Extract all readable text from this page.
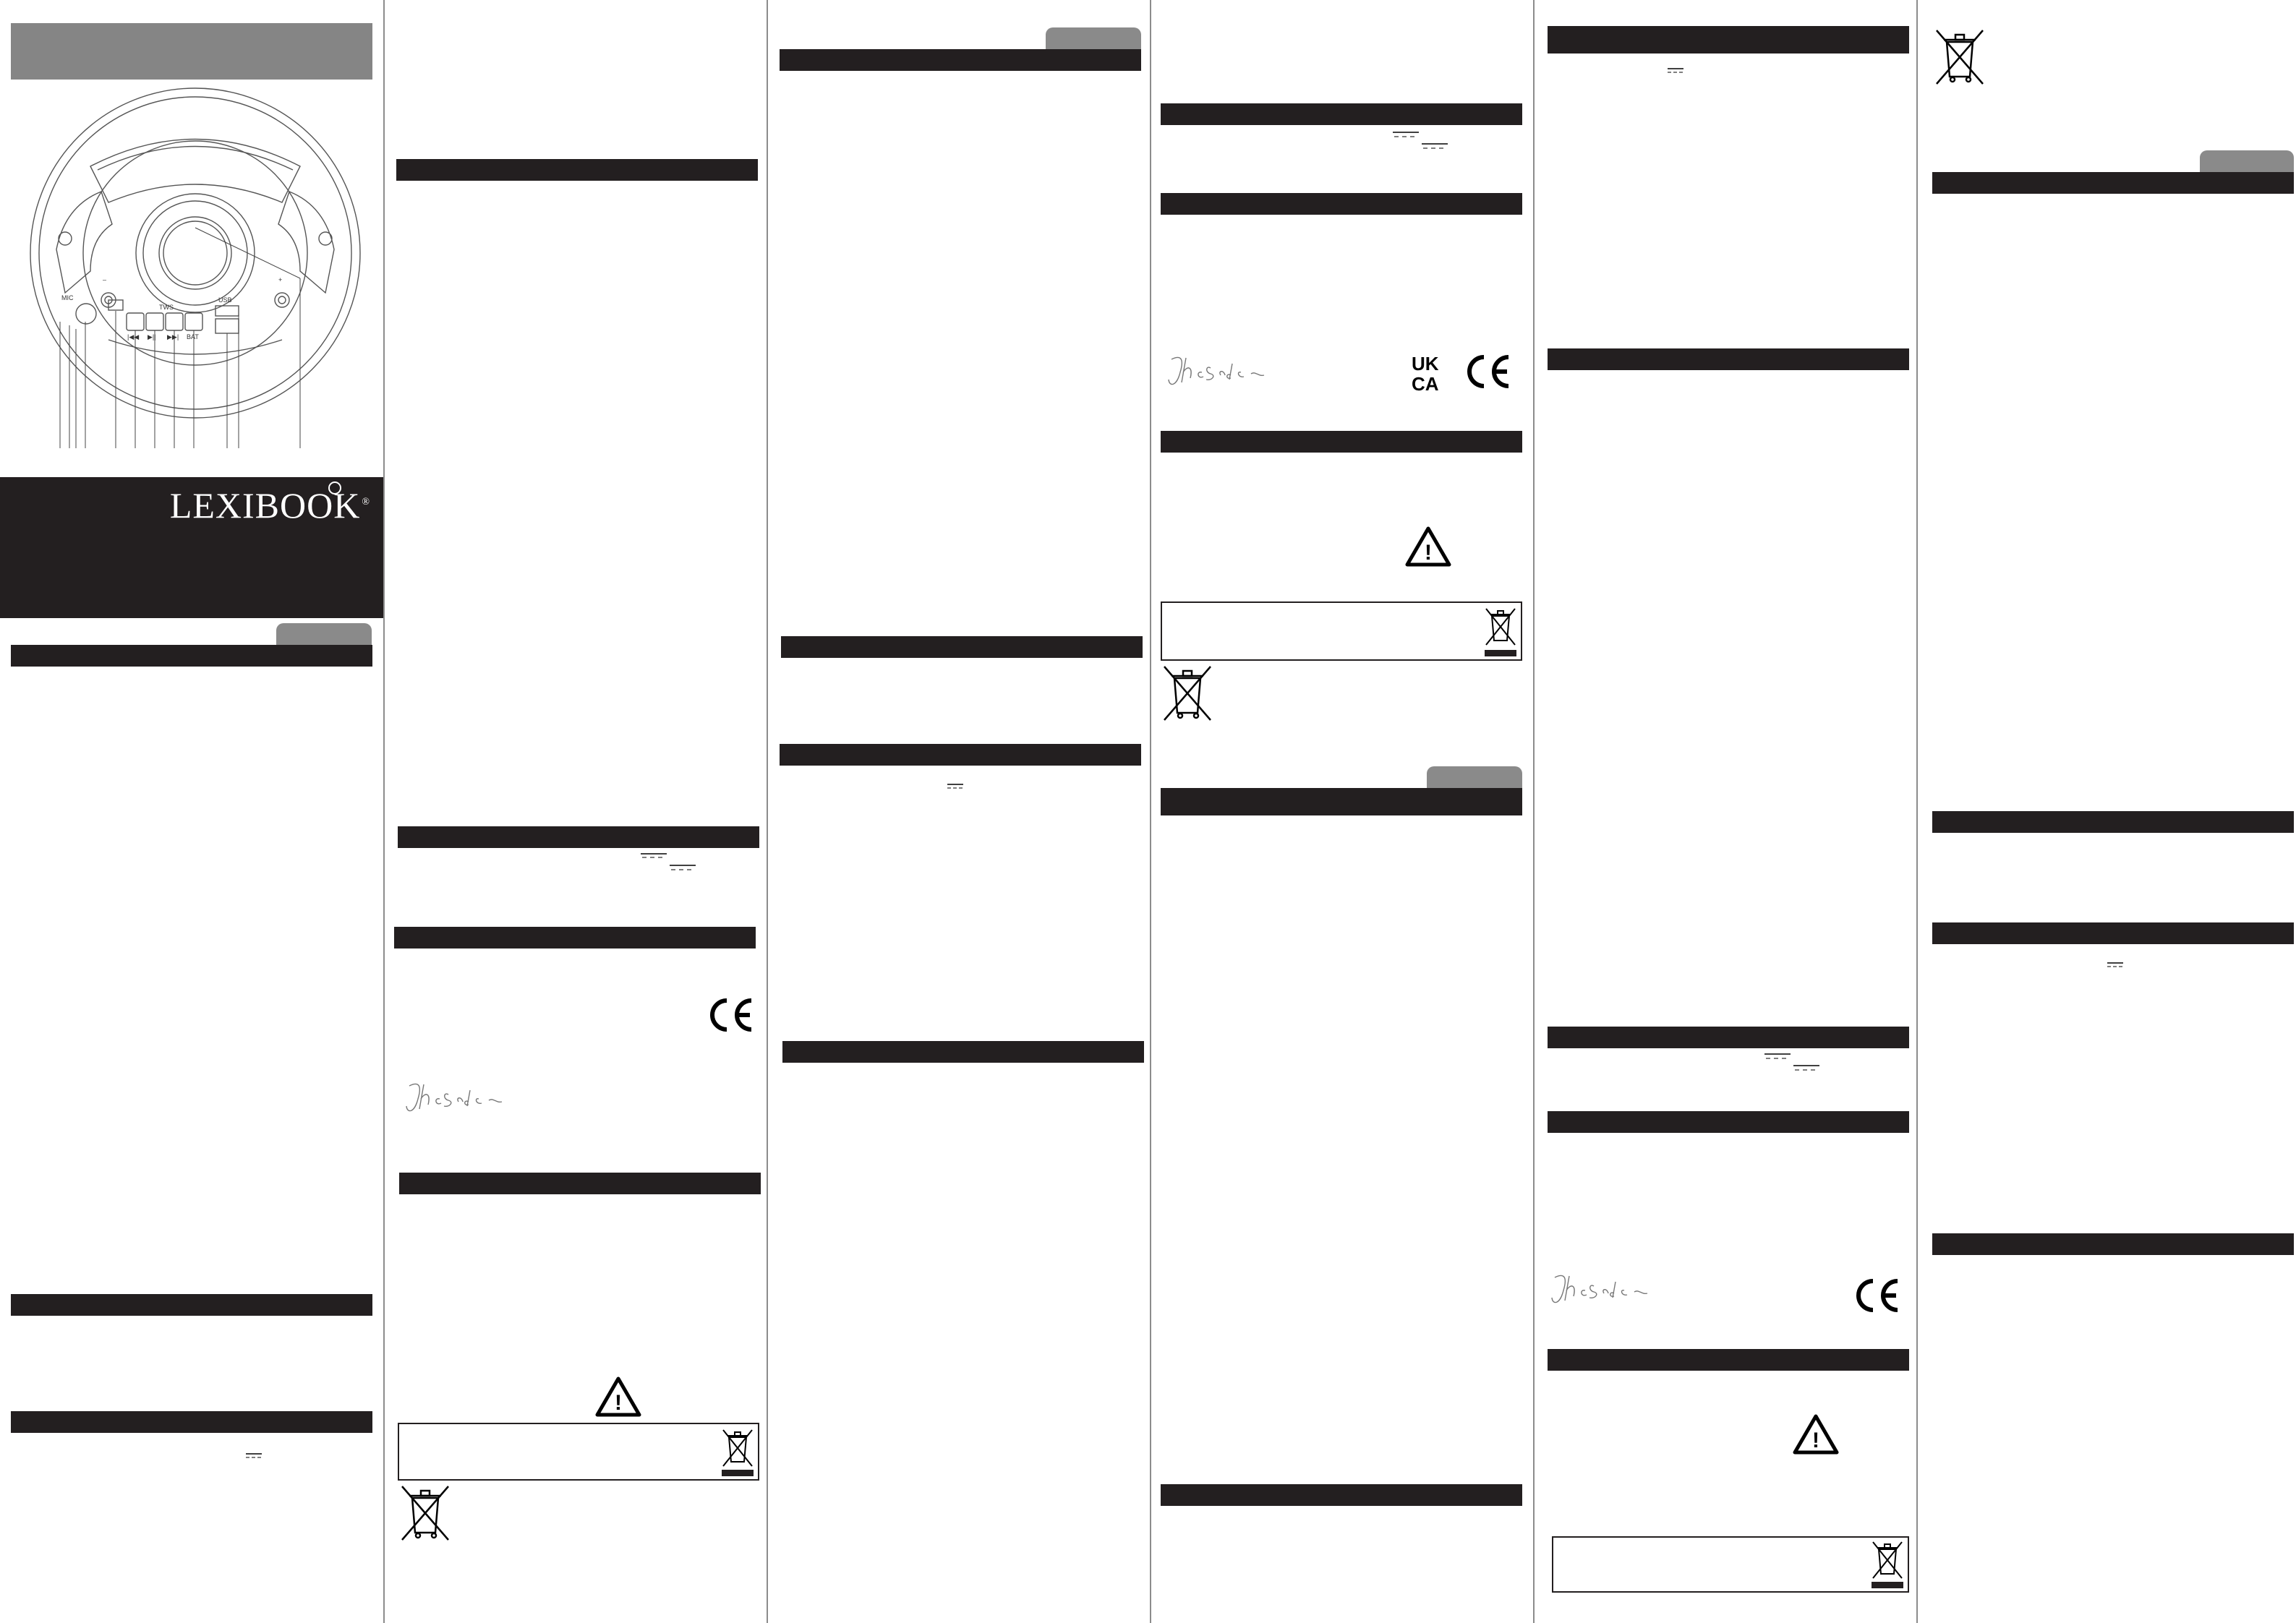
MIC
TWS
USB
–	+
|◀◀ ▶|| ▶▶| BAT
LEXIBOOK ®
!
UK
CA
!
!
